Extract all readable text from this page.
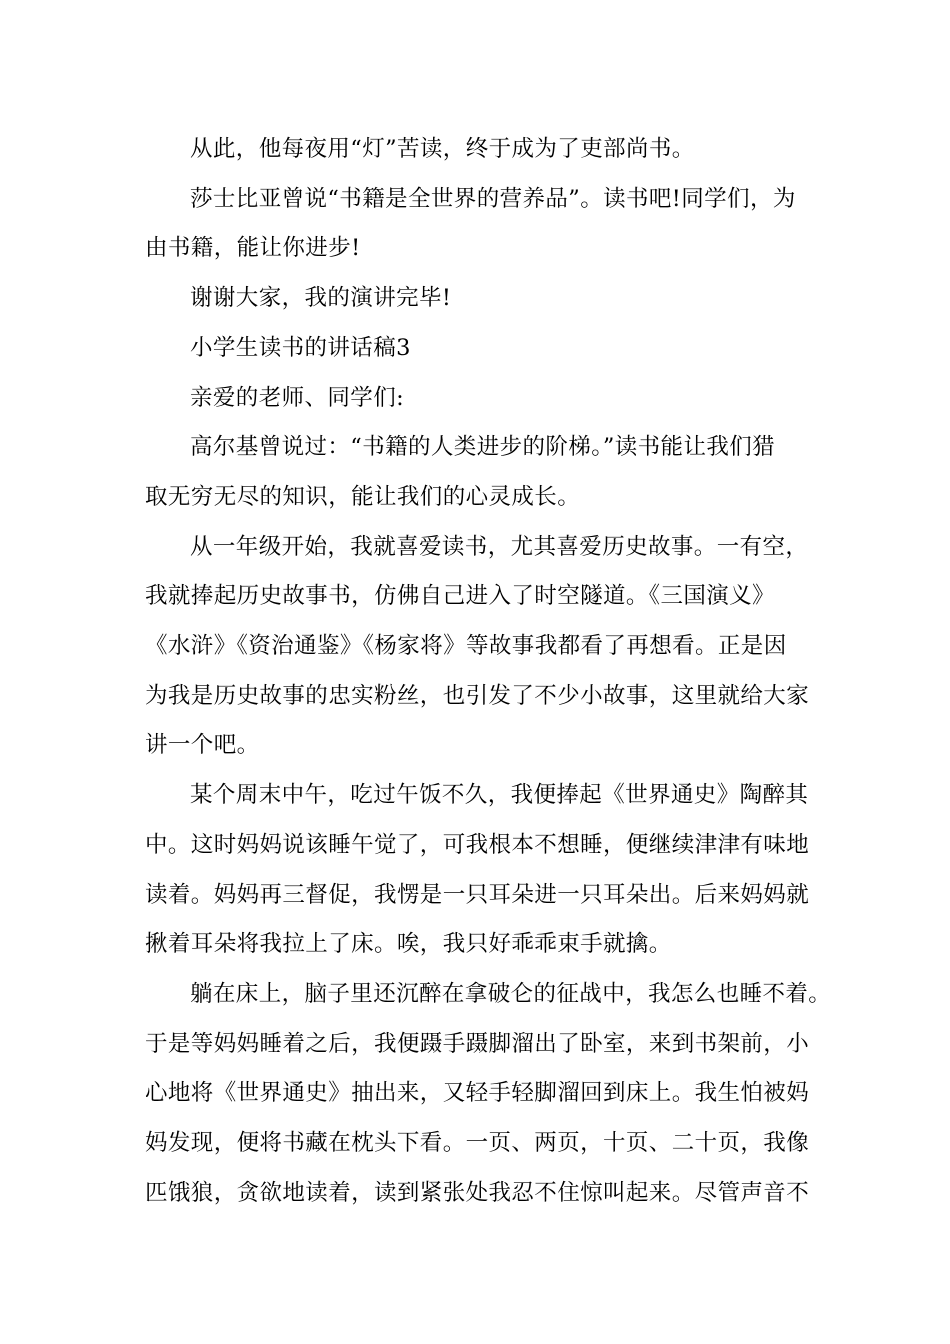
从此，他每夜用“灯”苦读，终于成为了吏部尚书。
莎士比亚曾说“书籍是全世界的营养品”。读书吧!同学们，为
由书籍，能让你进步!
谢谢大家，我的演讲完毕!
小学生读书的讲话稿3
亲爱的老师、同学们:
高尔基曾说过：“书籍的人类进步的阶梯。”读书能让我们猎
取无穷无尽的知识，能让我们的心灵成长。
从一年级开始，我就喜爱读书，尤其喜爱历史故事。一有空，
我就捧起历史故事书，仿佛自己进入了时空隧道。《三国演义》
《水浒》《资治通鉴》《杨家将》等故事我都看了再想看。正是因
为我是历史故事的忠实粉丝，也引发了不少小故事，这里就给大家
讲一个吧。
某个周末中午，吃过午饭不久，我便捧起《世界通史》陶醉其
中。这时妈妈说该睡午觉了，可我根本不想睡，便继续津津有味地
读着。妈妈再三督促，我愣是一只耳朵进一只耳朵出。后来妈妈就
揪着耳朵将我拉上了床。唉，我只好乖乖束手就擒。
躺在床上，脑子里还沉醉在拿破仑的征战中，我怎么也睡不着。
于是等妈妈睡着之后，我便蹑手蹑脚溜出了卧室，来到书架前，小
心地将《世界通史》抽出来，又轻手轻脚溜回到床上。我生怕被妈
妈发现，便将书藏在枕头下看。一页、两页，十页、二十页，我像
匹饿狼，贪欲地读着，读到紧张处我忍不住惊叫起来。尽管声音不
